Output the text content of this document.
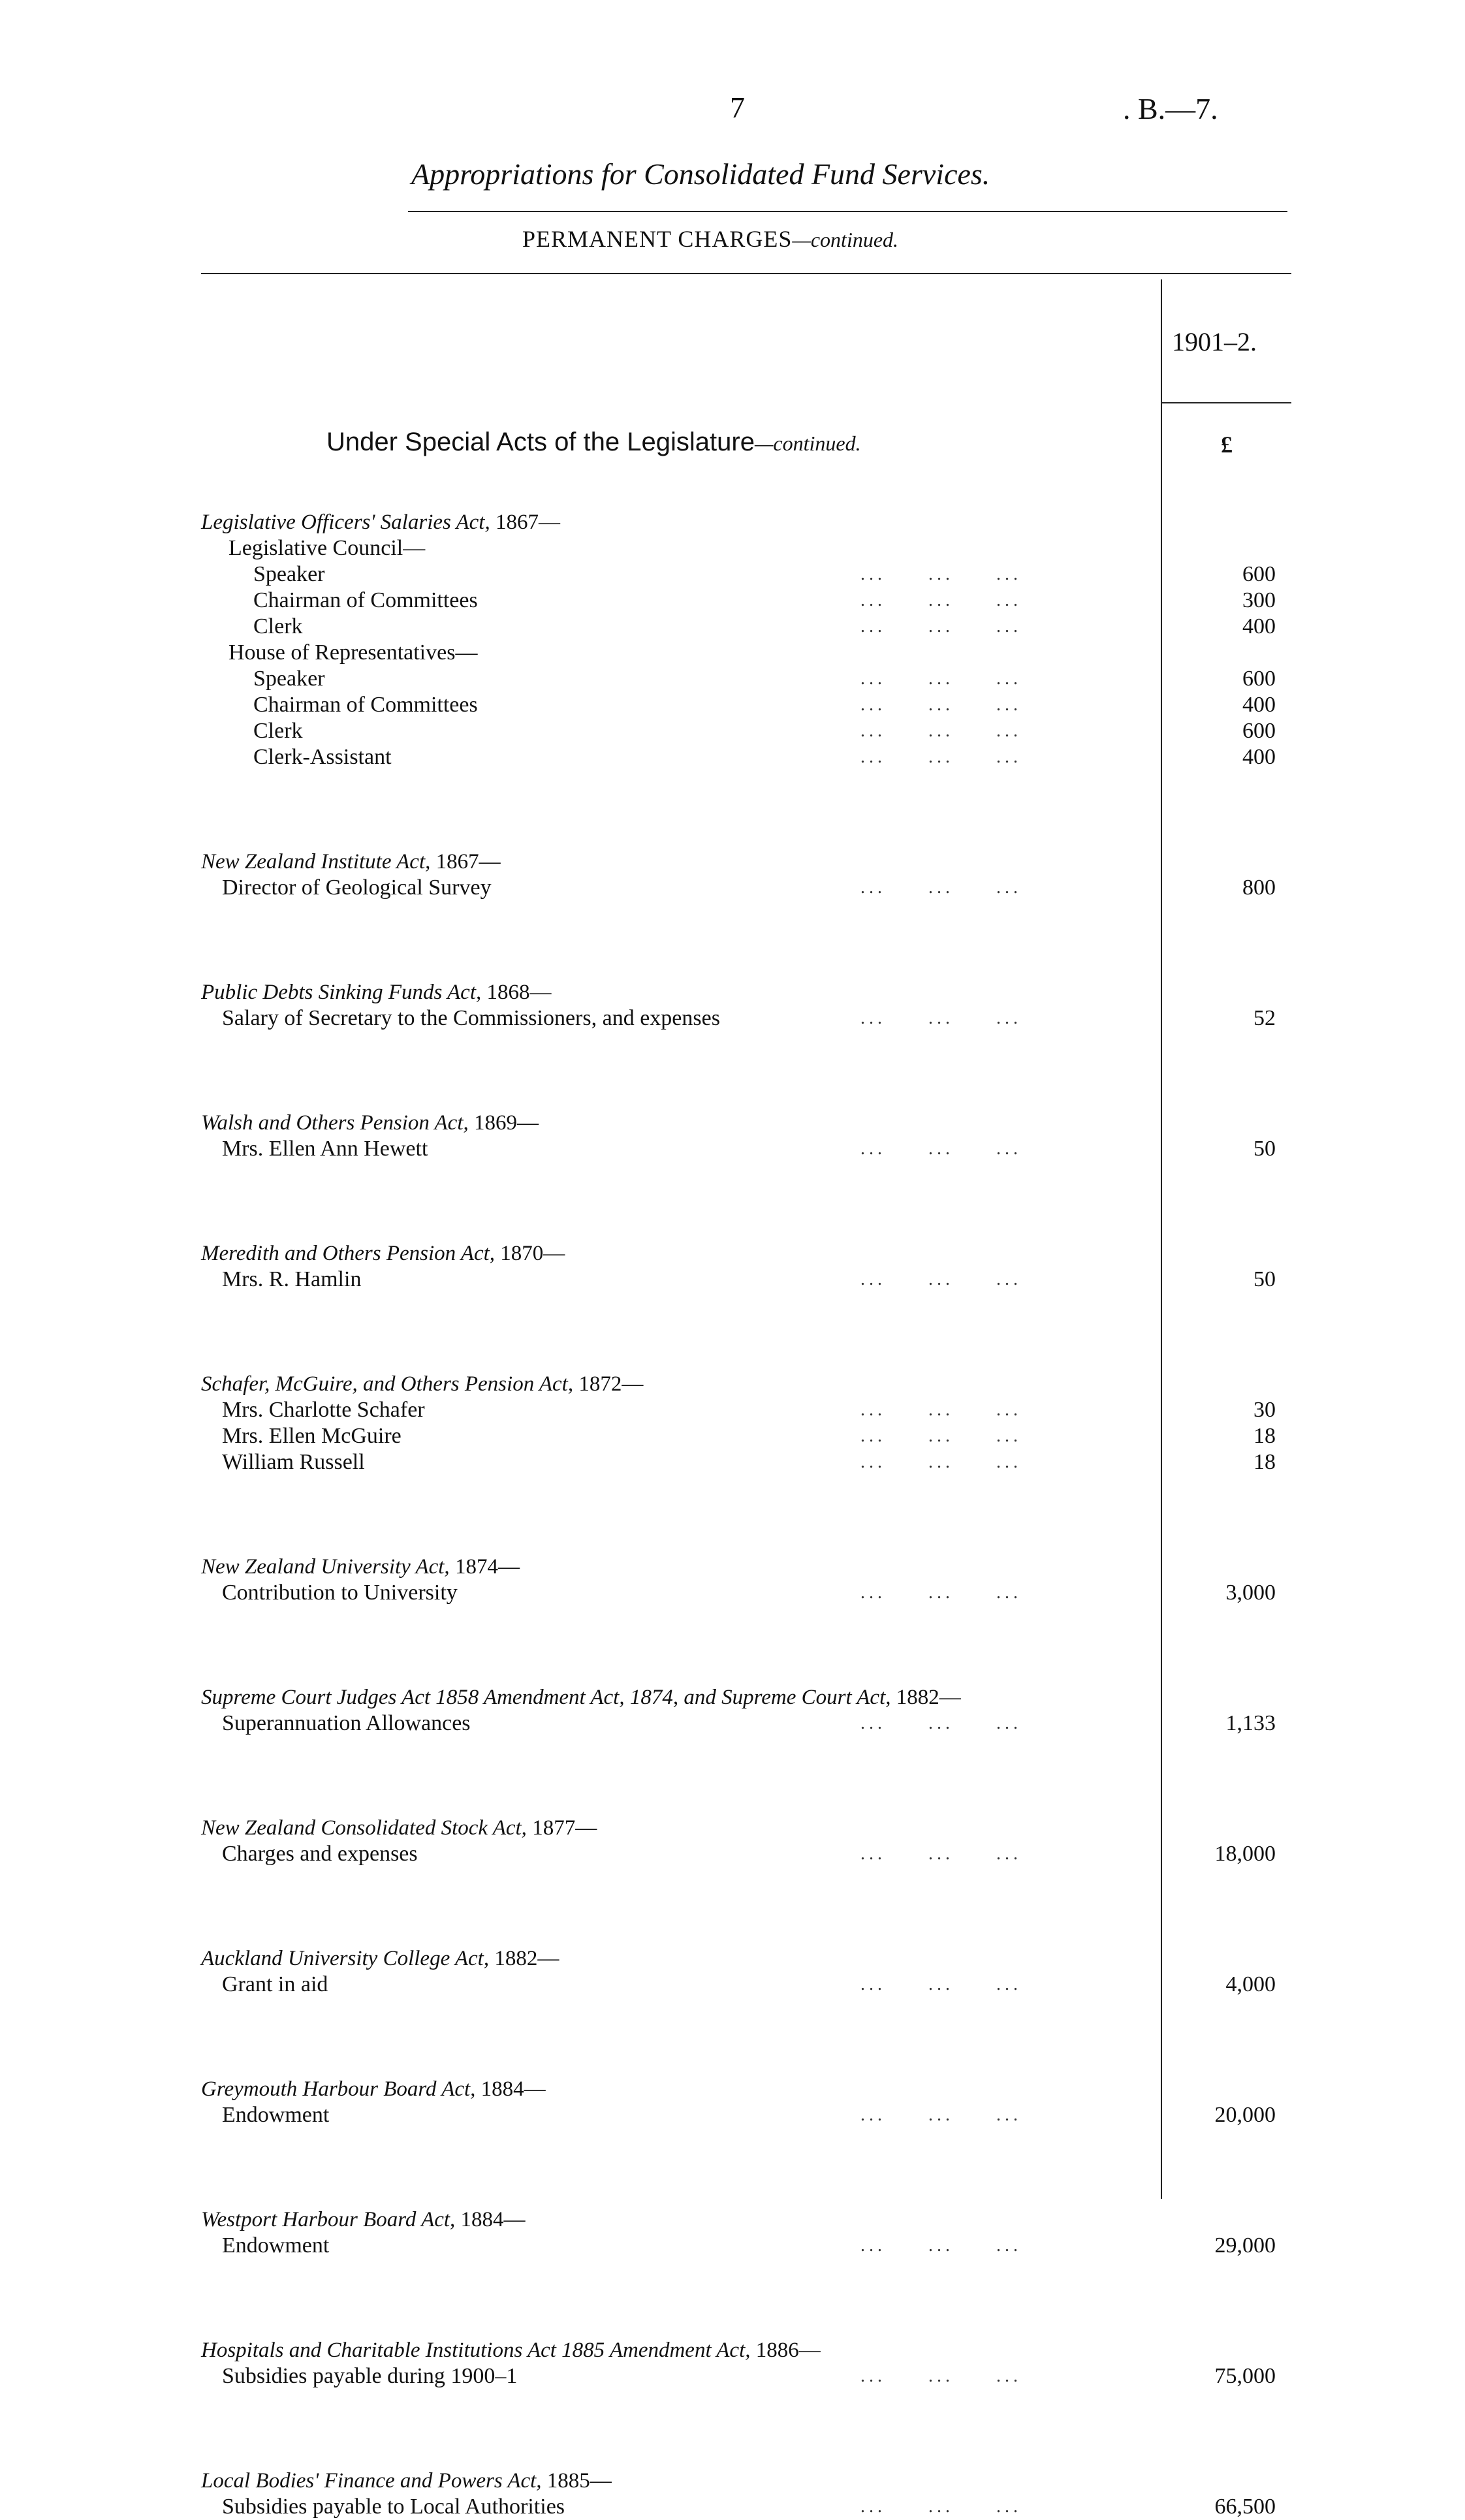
7	. B.—7.
Appropriations for Consolidated Fund Services.
PERMANENT CHARGES—continued.
1901–2.
Under Special Acts of the Legislature—continued.	£
Legislative Officers' Salaries Act, 1867—
Legislative Council—
Speaker	...     ...     ...	600
Chairman of Committees	...     ...     ...	300
Clerk	...     ...     ...	400
House of Representatives—
Speaker	...     ...     ...	600
Chairman of Committees	...     ...     ...	400
Clerk	...     ...     ...	600
Clerk-Assistant	...     ...     ...	400
New Zealand Institute Act, 1867—
Director of Geological Survey	...     ...     ...	800
Public Debts Sinking Funds Act, 1868—
Salary of Secretary to the Commissioners, and expenses	...     ...     ...	52
Walsh and Others Pension Act, 1869—
Mrs. Ellen Ann Hewett	...     ...     ...	50
Meredith and Others Pension Act, 1870—
Mrs. R. Hamlin	...     ...     ...	50
Schafer, McGuire, and Others Pension Act, 1872—
Mrs. Charlotte Schafer	...     ...     ...	30
Mrs. Ellen McGuire	...     ...     ...	18
William Russell	...     ...     ...	18
New Zealand University Act, 1874—
Contribution to University	...     ...     ...	3,000
Supreme Court Judges Act 1858 Amendment Act, 1874, and Supreme Court Act, 1882—
Superannuation Allowances	...     ...     ...	1,133
New Zealand Consolidated Stock Act, 1877—
Charges and expenses	...     ...     ...	18,000
Auckland University College Act, 1882—
Grant in aid	...     ...     ...	4,000
Greymouth Harbour Board Act, 1884—
Endowment	...     ...     ...	20,000
Westport Harbour Board Act, 1884—
Endowment	...     ...     ...	29,000
Hospitals and Charitable Institutions Act 1885 Amendment Act, 1886—
Subsidies payable during 1900–1	...     ...     ...	75,000
Local Bodies' Finance and Powers Act, 1885—
Subsidies payable to Local Authorities	...     ...     ...	66,500
